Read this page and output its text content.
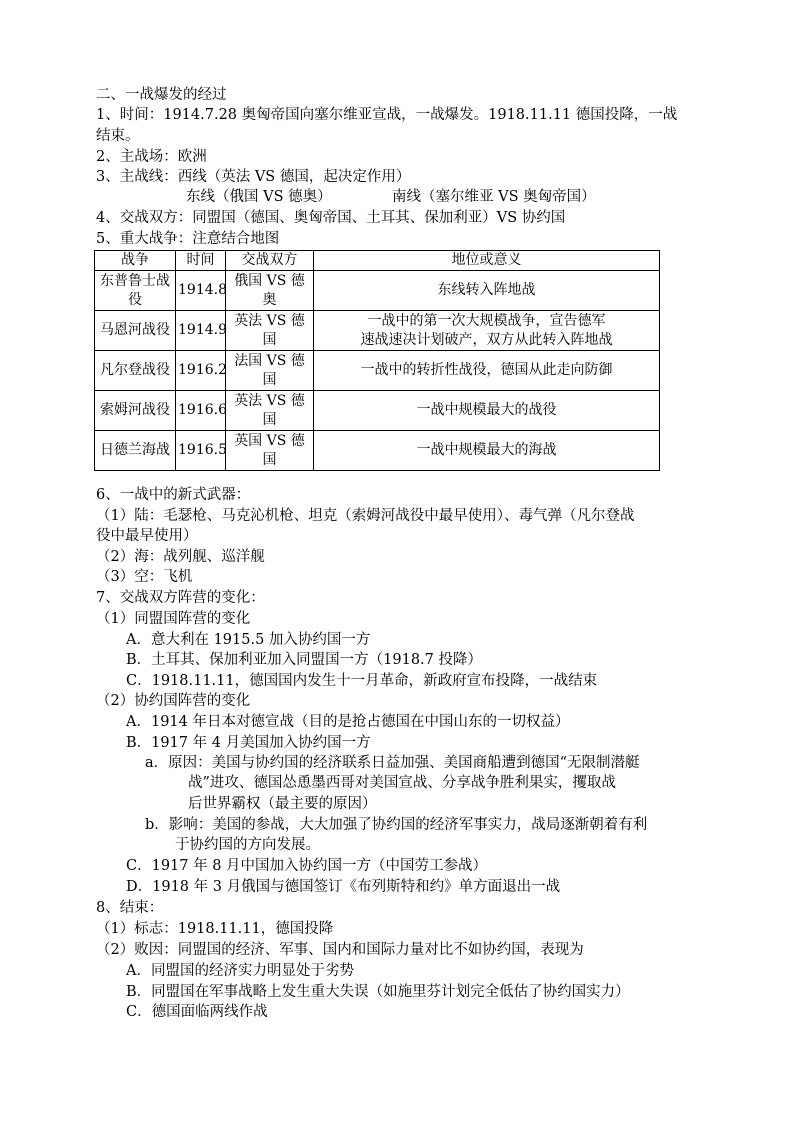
二、一战爆发的经过
1、时间：1914.7.28 奥匈帝国向塞尔维亚宣战，一战爆发。1918.11.11 德国投降，一战
结束。
2、主战场：欧洲
3、主战线：西线（英法 VS 德国，起决定作用）
东线（俄国 VS 德奥）	南线（塞尔维亚 VS 奥匈帝国）
4、交战双方：同盟国（德国、奥匈帝国、土耳其、保加利亚）VS 协约国
5、重大战争：注意结合地图
战争	时间	交战双方	地位或意义
东普鲁士战役	1914.8	俄国 VS 德奥	东线转入阵地战
马恩河战役	1914.9	英法 VS 德国	一战中的第一次大规模战争，宣告德军
速战速决计划破产，双方从此转入阵地战

凡尔登战役	1916.2	法国 VS 德国	一战中的转折性战役，德国从此走向防御
索姆河战役	1916.6	英法 VS 德国	一战中规模最大的战役
日德兰海战	1916.5	英国 VS 德国	一战中规模最大的海战
6、一战中的新式武器：
（1）陆：毛瑟枪、马克沁机枪、坦克（索姆河战役中最早使用）、毒气弹（凡尔登战
役中最早使用）
（2）海：战列舰、巡洋舰
（3）空：飞机
7、交战双方阵营的变化：
（1）同盟国阵营的变化
A．意大利在 1915.5 加入协约国一方
B．土耳其、保加利亚加入同盟国一方（1918.7 投降）
C．1918.11.11，德国国内发生十一月革命，新政府宣布投降，一战结束
（2）协约国阵营的变化
A．1914 年日本对德宣战（目的是抢占德国在中国山东的一切权益）
B．1917 年 4 月美国加入协约国一方
a．原因：美国与协约国的经济联系日益加强、美国商船遭到德国“无限制潜艇
战”进攻、德国怂恿墨西哥对美国宣战、分享战争胜利果实，攫取战
后世界霸权（最主要的原因）
b．影响：美国的参战，大大加强了协约国的经济军事实力，战局逐渐朝着有利
于协约国的方向发展。
C．1917 年 8 月中国加入协约国一方（中国劳工参战）
D．1918 年 3 月俄国与德国签订《布列斯特和约》单方面退出一战
8、结束：
（1）标志：1918.11.11，德国投降
（2）败因：同盟国的经济、军事、国内和国际力量对比不如协约国，表现为
A．同盟国的经济实力明显处于劣势
B．同盟国在军事战略上发生重大失误（如施里芬计划完全低估了协约国实力）
C．德国面临两线作战
